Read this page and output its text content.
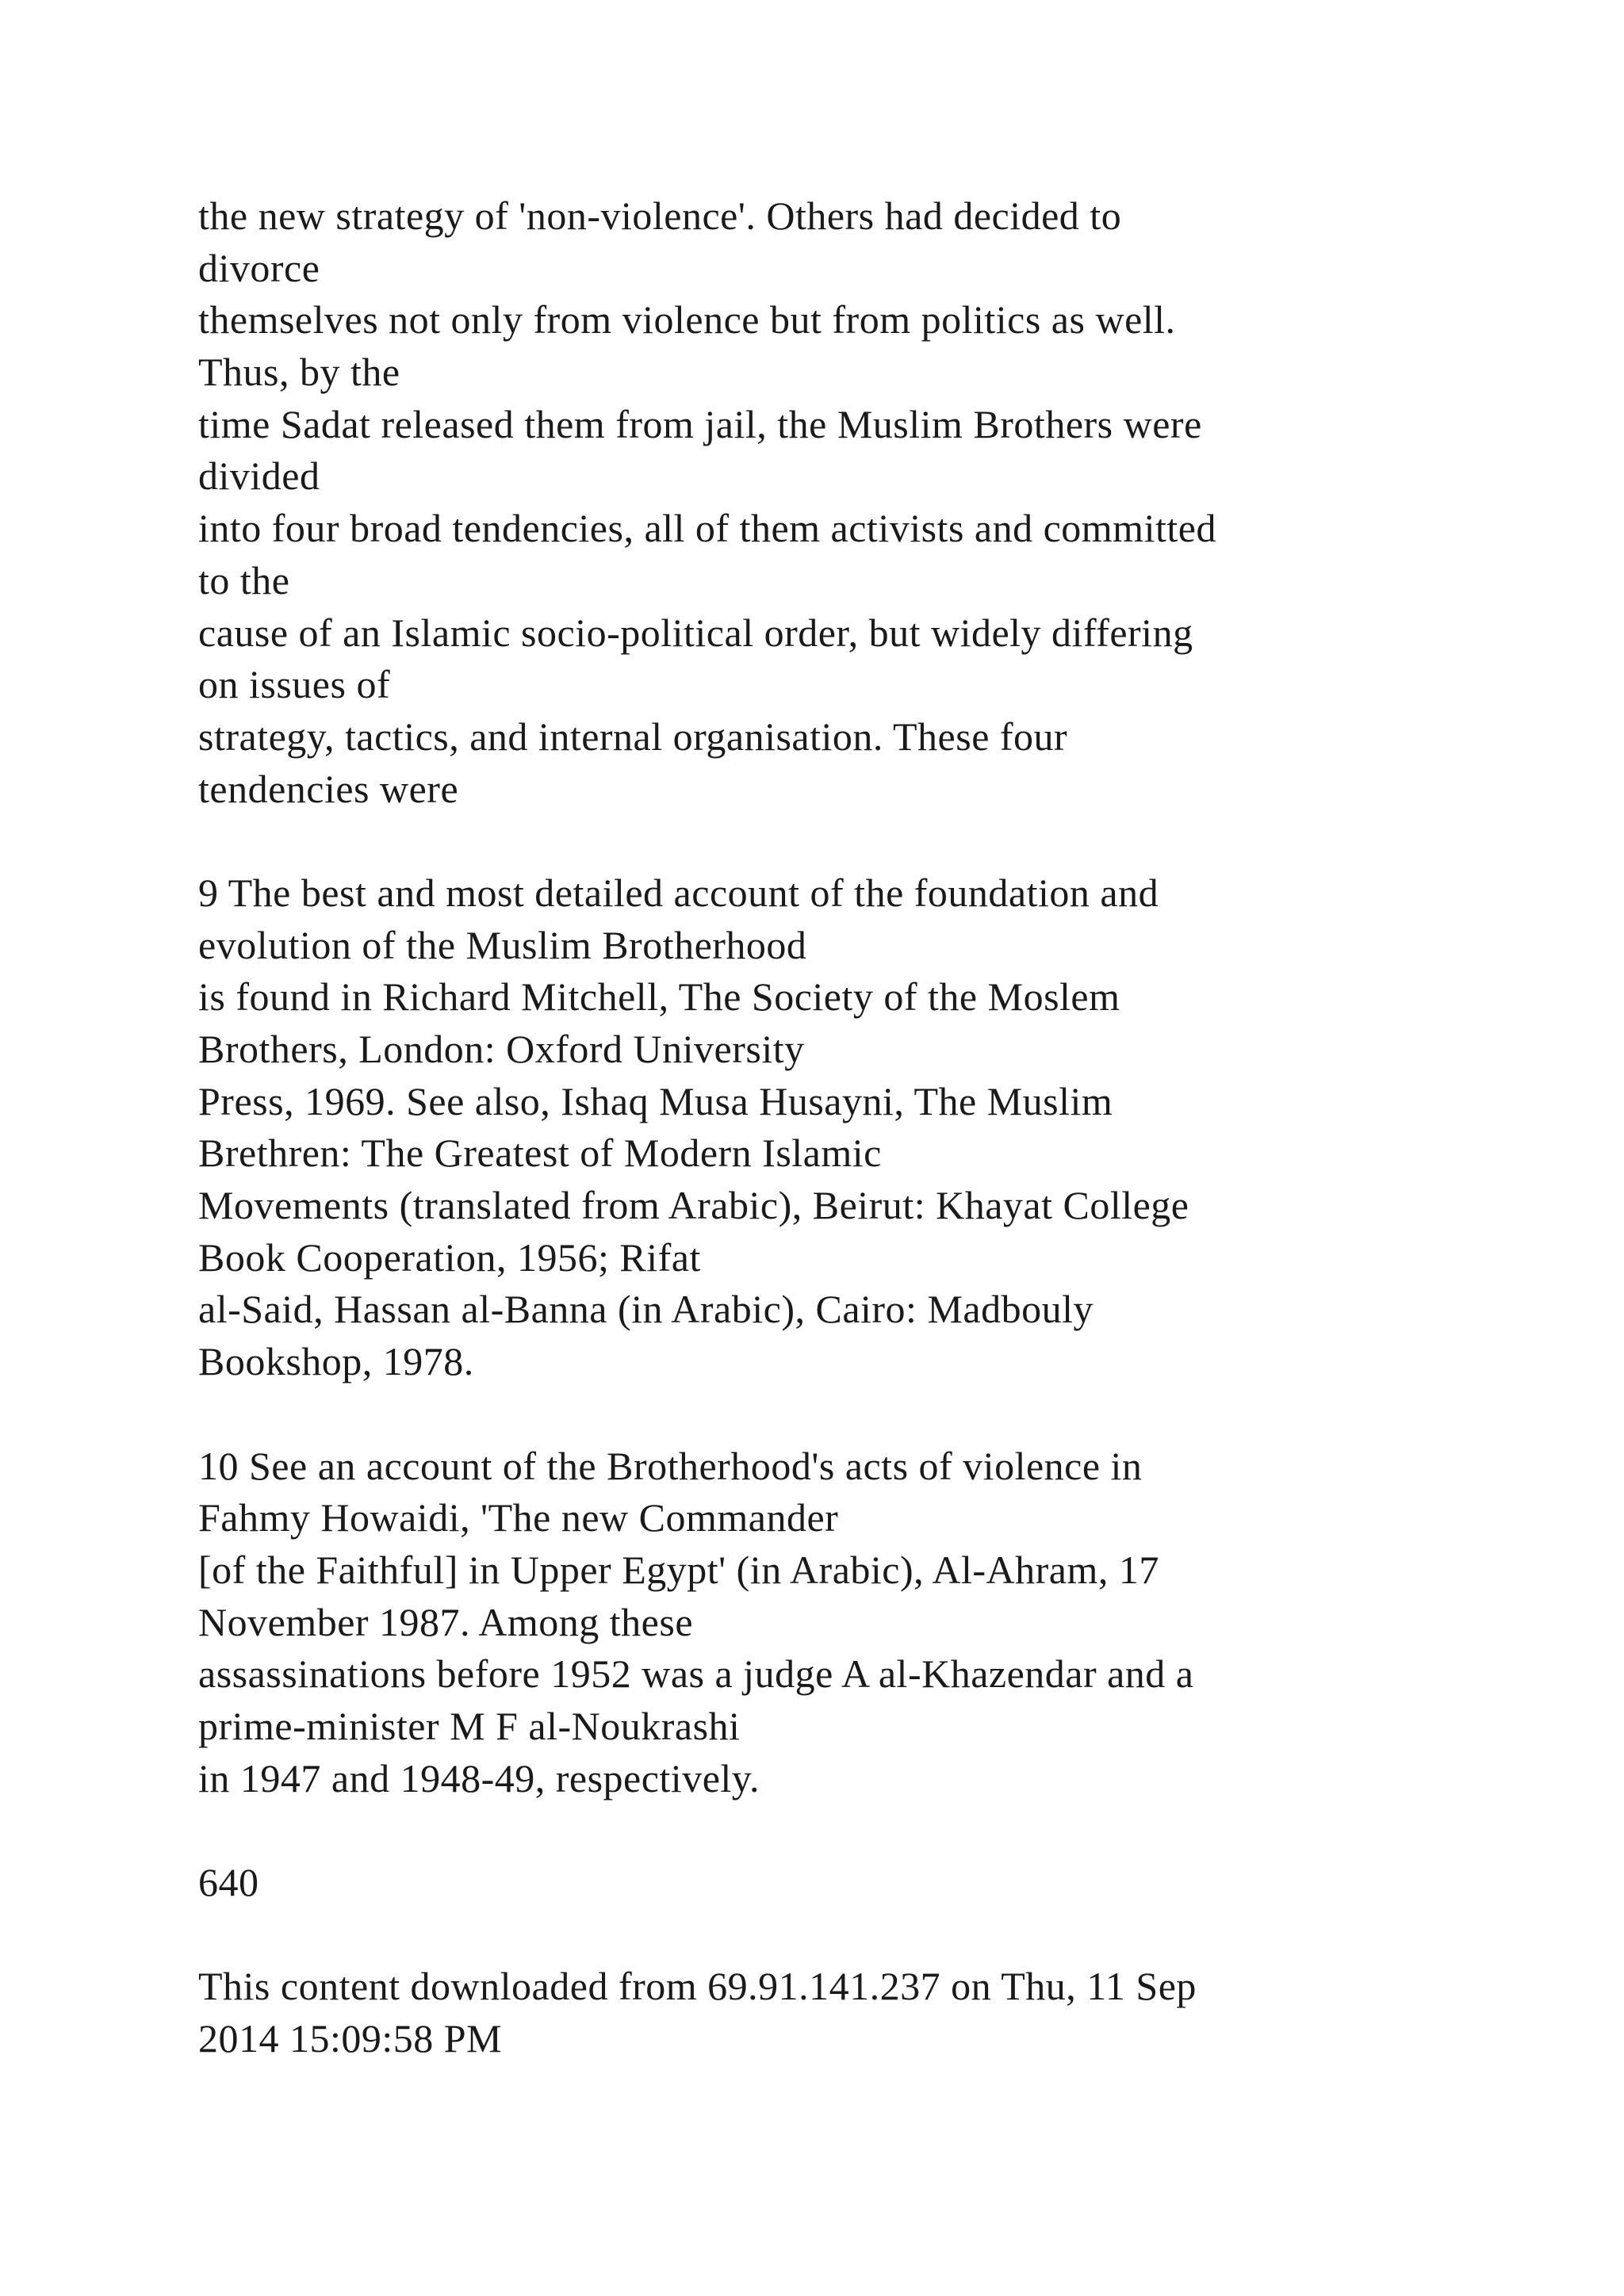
the new strategy of 'non-violence'. Others had decided to
divorce
themselves not only from violence but from politics as well.
Thus, by the
time Sadat released them from jail, the Muslim Brothers were
divided
into four broad tendencies, all of them activists and committed
to the
cause of an Islamic socio-political order, but widely differing
on issues of
strategy, tactics, and internal organisation. These four
tendencies were
9 The best and most detailed account of the foundation and
evolution of the Muslim Brotherhood
is found in Richard Mitchell, The Society of the Moslem
Brothers, London: Oxford University
Press, 1969. See also, Ishaq Musa Husayni, The Muslim
Brethren: The Greatest of Modern Islamic
Movements (translated from Arabic), Beirut: Khayat College
Book Cooperation, 1956; Rifat
al-Said, Hassan al-Banna (in Arabic), Cairo: Madbouly
Bookshop, 1978.
10 See an account of the Brotherhood's acts of violence in
Fahmy Howaidi, 'The new Commander
[of the Faithful] in Upper Egypt' (in Arabic), Al-Ahram, 17
November 1987. Among these
assassinations before 1952 was a judge A al-Khazendar and a
prime-minister M F al-Noukrashi
in 1947 and 1948-49, respectively.
640
This content downloaded from 69.91.141.237 on Thu, 11 Sep
2014 15:09:58 PM
